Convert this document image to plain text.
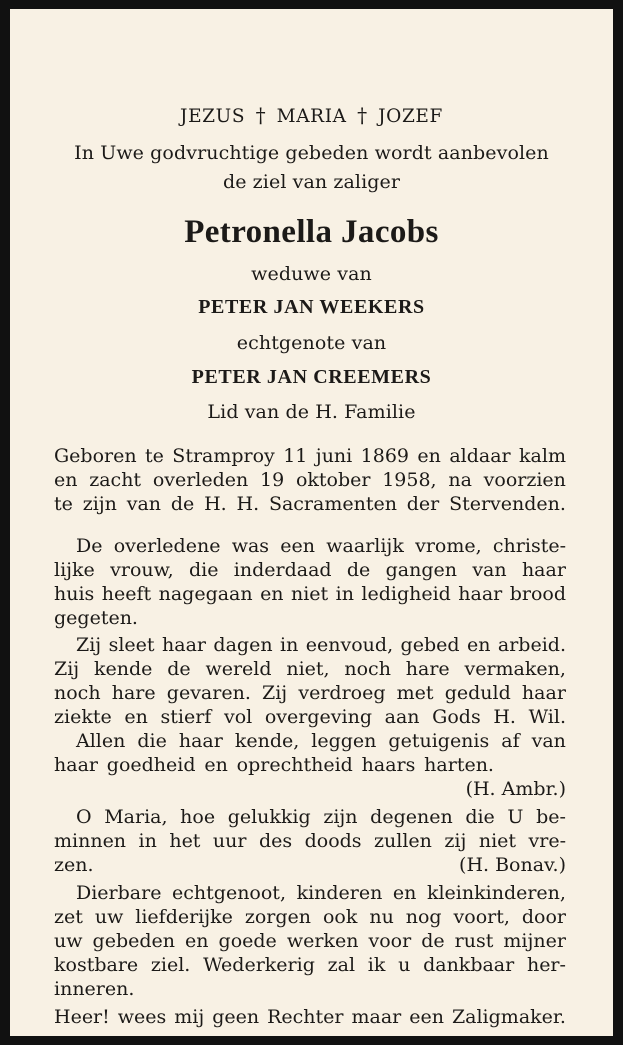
JEZUS † MARIA † JOZEF
In Uwe godvruchtige gebeden wordt aanbevolen
de ziel van zaliger
Petronella Jacobs
weduwe van
PETER JAN WEEKERS
echtgenote van
PETER JAN CREEMERS
Lid van de H. Familie
Geboren te Stramproy 11 juni 1869 en aldaar kalm
en zacht overleden 19 oktober 1958, na voorzien
te zijn van de H. H. Sacramenten der Stervenden.
De overledene was een waarlijk vrome, christe-
lijke vrouw, die inderdaad de gangen van haar
huis heeft nagegaan en niet in ledigheid haar brood
gegeten.
Zij sleet haar dagen in eenvoud, gebed en arbeid.
Zij kende de wereld niet, noch hare vermaken,
noch hare gevaren. Zij verdroeg met geduld haar
ziekte en stierf vol overgeving aan Gods H. Wil.
Allen die haar kende, leggen getuigenis af van
haar goedheid en oprechtheid haars harten.
(H. Ambr.)
O Maria, hoe gelukkig zijn degenen die U be-
minnen in het uur des doods zullen zij niet vre-
zen.	(H. Bonav.)
Dierbare echtgenoot, kinderen en kleinkinderen,
zet uw liefderijke zorgen ook nu nog voort, door
uw gebeden en goede werken voor de rust mijner
kostbare ziel. Wederkerig zal ik u dankbaar her-
inneren.
Heer! wees mij geen Rechter maar een Zaligmaker.
